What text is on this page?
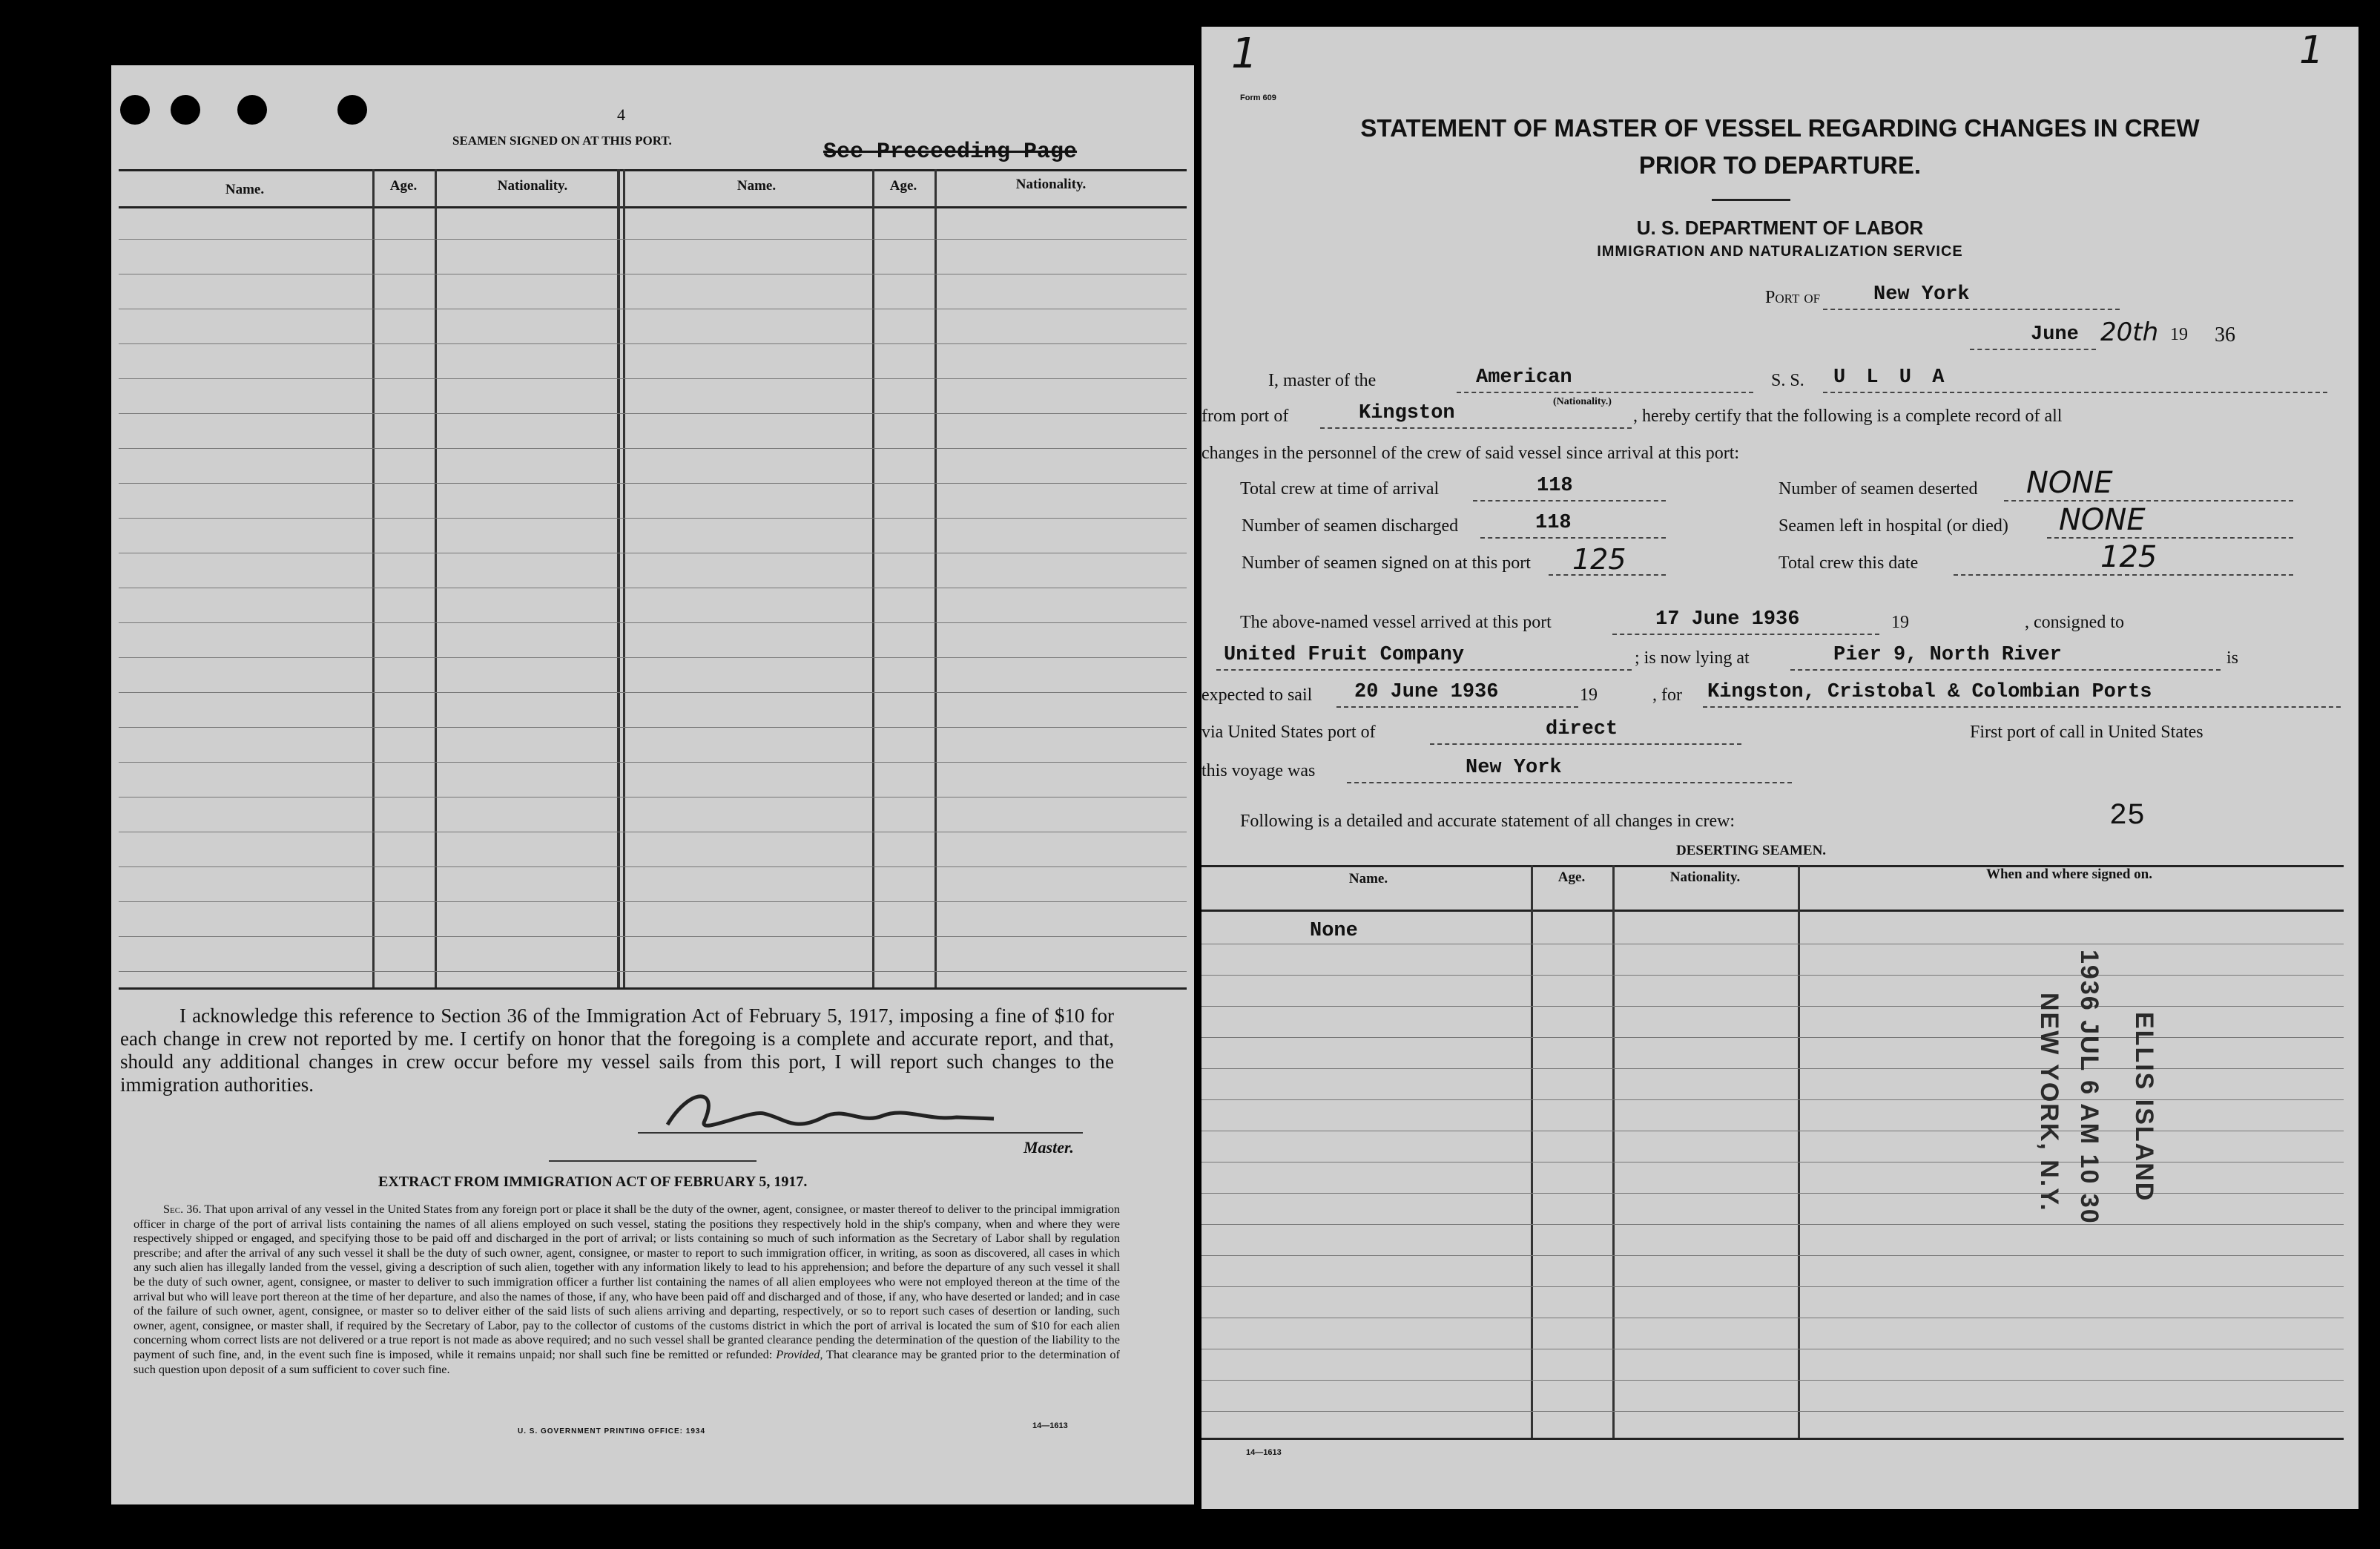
4
SEAMEN SIGNED ON AT THIS PORT.	See Preceeding Page
Name.	Age.	Nationality.	Name.	Age.	Nationality.
I acknowledge this reference to Section 36 of the Immigration Act of February 5, 1917, imposing a fine of $10 for each change in crew not reported by me. I certify on honor that the foregoing is a complete and accurate report, and that, should any additional changes in crew occur before my vessel sails from this port, I will report such changes to the immigration authorities.
Master.
EXTRACT FROM IMMIGRATION ACT OF FEBRUARY 5, 1917.
Sec. 36. That upon arrival of any vessel in the United States from any foreign port or place it shall be the duty of the owner, agent, consignee, or master thereof to deliver to the principal immigration officer in charge of the port of arrival lists containing the names of all aliens employed on such vessel, stating the positions they respectively hold in the ship's company, when and where they were respectively shipped or engaged, and specifying those to be paid off and discharged in the port of arrival; or lists containing so much of such information as the Secretary of Labor shall by regulation prescribe; and after the arrival of any such vessel it shall be the duty of such owner, agent, consignee, or master to report to such immigration officer, in writing, as soon as discovered, all cases in which any such alien has illegally landed from the vessel, giving a description of such alien, together with any information likely to lead to his apprehension; and before the departure of any such vessel it shall be the duty of such owner, agent, consignee, or master to deliver to such immigration officer a further list containing the names of all alien employees who were not employed thereon at the time of the arrival but who will leave port thereon at the time of her departure, and also the names of those, if any, who have been paid off and discharged and of those, if any, who have deserted or landed; and in case of the failure of such owner, agent, consignee, or master so to deliver either of the said lists of such aliens arriving and departing, respectively, or so to report such cases of desertion or landing, such owner, agent, consignee, or master shall, if required by the Secretary of Labor, pay to the collector of customs of the customs district in which the port of arrival is located the sum of $10 for each alien concerning whom correct lists are not delivered or a true report is not made as above required; and no such vessel shall be granted clearance pending the determination of the question of the liability to the payment of such fine, and, in the event such fine is imposed, while it remains unpaid; nor shall such fine be remitted or refunded: Provided, That clearance may be granted prior to the determination of such question upon deposit of a sum sufficient to cover such fine.
U. S. GOVERNMENT PRINTING OFFICE: 1934
14—1613
1	1
Form 609
STATEMENT OF MASTER OF VESSEL REGARDING CHANGES IN CREW
PRIOR TO DEPARTURE.
U. S. DEPARTMENT OF LABOR
IMMIGRATION AND NATURALIZATION SERVICE
Port of	New York
June 20th 19 36
I, master of the	American
(Nationality.)
S. S. U L U A
from port of	Kingston	, hereby certify that the following is a complete record of all
changes in the personnel of the crew of said vessel since arrival at this port:
Total crew at time of arrival	118
Number of seamen discharged	118
Number of seamen signed on at this port 125
Number of seamen deserted NONE
Seamen left in hospital (or died) NONE
Total crew this date	125
The above-named vessel arrived at this port	17 June 1936	19	, consigned to
United Fruit Company	; is now lying at	Pier 9, North River	is
expected to sail 20 June 1936	19	, for Kingston, Cristobal & Colombian Ports
via United States port of	direct	First port of call in United States
this voyage was	New York
Following is a detailed and accurate statement of all changes in crew:	25
DESERTING SEAMEN.
Name.	Age.	Nationality.	When and where signed on.
None
ELLIS ISLAND
1936 JUL 6 AM 10 30
NEW YORK, N.Y.
14—1613
